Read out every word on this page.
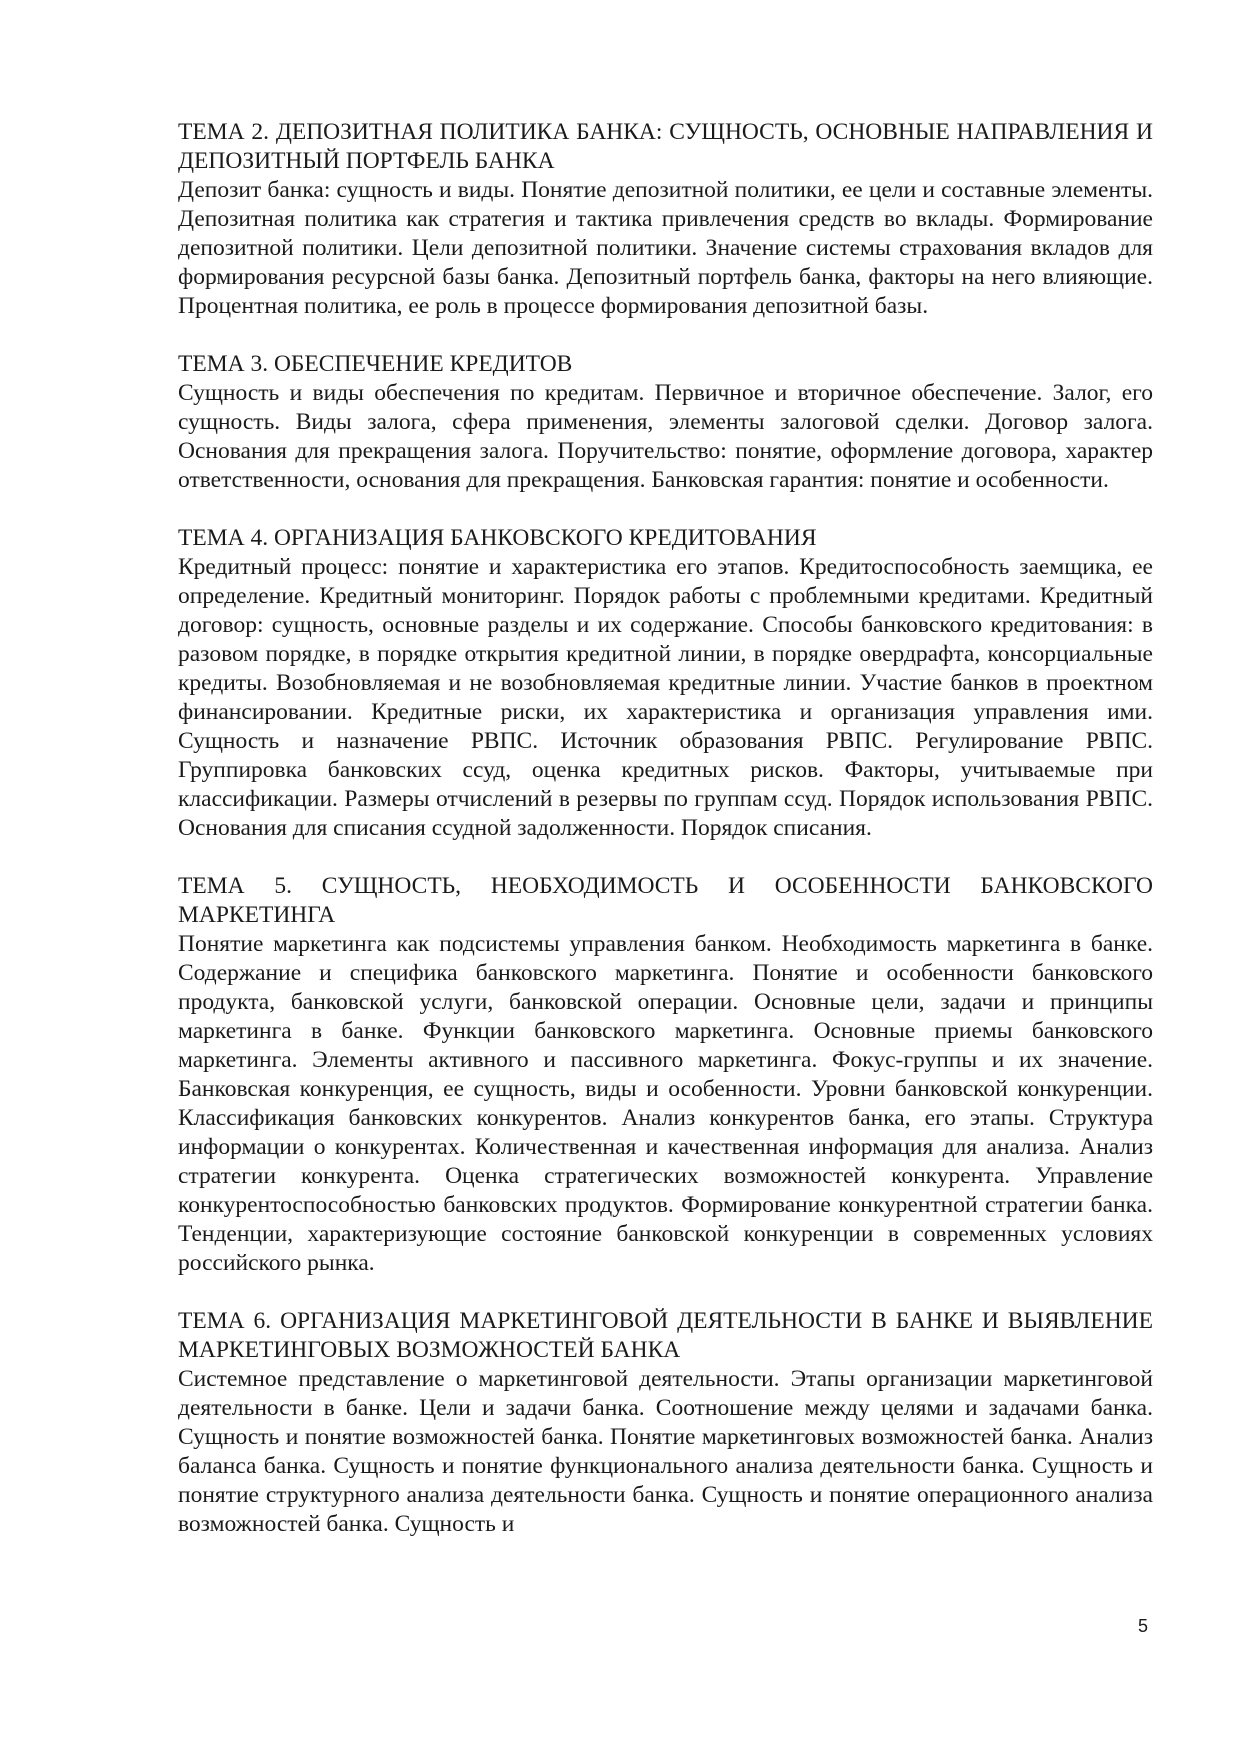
ТЕМА 2. ДЕПОЗИТНАЯ ПОЛИТИКА БАНКА: СУЩНОСТЬ, ОСНОВНЫЕ НАПРАВЛЕНИЯ И ДЕПОЗИТНЫЙ ПОРТФЕЛЬ БАНКА

Депозит банка: сущность и виды. Понятие депозитной политики, ее цели и составные элементы. Депозитная политика как стратегия и тактика привлечения средств во вклады. Формирование депозитной политики. Цели депозитной политики. Значение системы страхования вкладов для формирования ресурсной базы банка. Депозитный портфель банка, факторы на него влияющие. Процентная политика, ее роль в процессе формирования депозитной базы.

ТЕМА 3. ОБЕСПЕЧЕНИЕ КРЕДИТОВ

Сущность и виды обеспечения по кредитам. Первичное и вторичное обеспечение. Залог, его сущность. Виды залога, сфера применения, элементы залоговой сделки. Договор залога. Основания для прекращения залога. Поручительство: понятие, оформление договора, характер ответственности, основания для прекращения. Банковская гарантия: понятие и особенности.

ТЕМА 4. ОРГАНИЗАЦИЯ БАНКОВСКОГО КРЕДИТОВАНИЯ

Кредитный процесс: понятие и характеристика его этапов. Кредитоспособность заемщика, ее определение. Кредитный мониторинг. Порядок работы с проблемными кредитами. Кредитный договор: сущность, основные разделы и их содержание. Способы банковского кредитования: в разовом порядке, в порядке открытия кредитной линии, в порядке овердрафта, консорциальные кредиты. Возобновляемая и не возобновляемая кредитные линии. Участие банков в проектном финансировании. Кредитные риски, их характеристика и организация управления ими. Сущность и назначение РВПС. Источник образования РВПС. Регулирование РВПС. Группировка банковских ссуд, оценка кредитных рисков. Факторы, учитываемые при классификации. Размеры отчислений в резервы по группам ссуд. Порядок использования РВПС. Основания для списания ссудной задолженности. Порядок списания.

ТЕМА 5. СУЩНОСТЬ, НЕОБХОДИМОСТЬ И ОСОБЕННОСТИ БАНКОВСКОГО МАРКЕТИНГА

Понятие маркетинга как подсистемы управления банком. Необходимость маркетинга в банке. Содержание и специфика банковского маркетинга. Понятие и особенности банковского продукта, банковской услуги, банковской операции. Основные цели, задачи и принципы маркетинга в банке. Функции банковского маркетинга. Основные приемы банковского маркетинга. Элементы активного и пассивного маркетинга. Фокус-группы и их значение. Банковская конкуренция, ее сущность, виды и особенности. Уровни банковской конкуренции. Классификация банковских конкурентов. Анализ конкурентов банка, его этапы. Структура информации о конкурентах. Количественная и качественная информация для анализа. Анализ стратегии конкурента. Оценка стратегических возможностей конкурента. Управление конкурентоспособностью банковских продуктов. Формирование конкурентной стратегии банка. Тенденции, характеризующие состояние банковской конкуренции в современных условиях российского рынка.

ТЕМА 6. ОРГАНИЗАЦИЯ МАРКЕТИНГОВОЙ ДЕЯТЕЛЬНОСТИ В БАНКЕ И ВЫЯВЛЕНИЕ МАРКЕТИНГОВЫХ ВОЗМОЖНОСТЕЙ БАНКА

Системное представление о маркетинговой деятельности. Этапы организации маркетинговой деятельности в банке. Цели и задачи банка. Соотношение между целями и задачами банка. Сущность и понятие возможностей банка. Понятие маркетинговых возможностей банка. Анализ баланса банка. Сущность и понятие функционального анализа деятельности банка. Сущность и понятие структурного анализа деятельности банка. Сущность и понятие операционного анализа возможностей банка. Сущность и

5
